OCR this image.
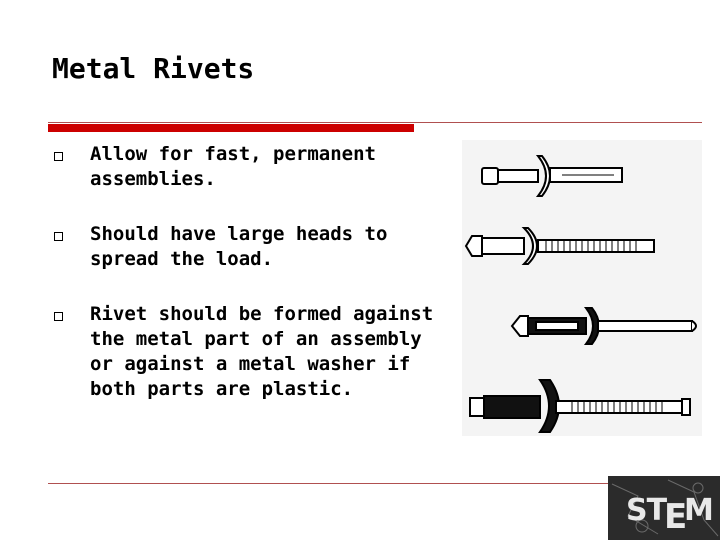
Metal Rivets
Allow for fast, permanent assemblies.
Should have large heads to spread the load.
Rivet should be formed against the metal part of an assembly or against a metal washer if both parts are plastic.
ST
E
M
